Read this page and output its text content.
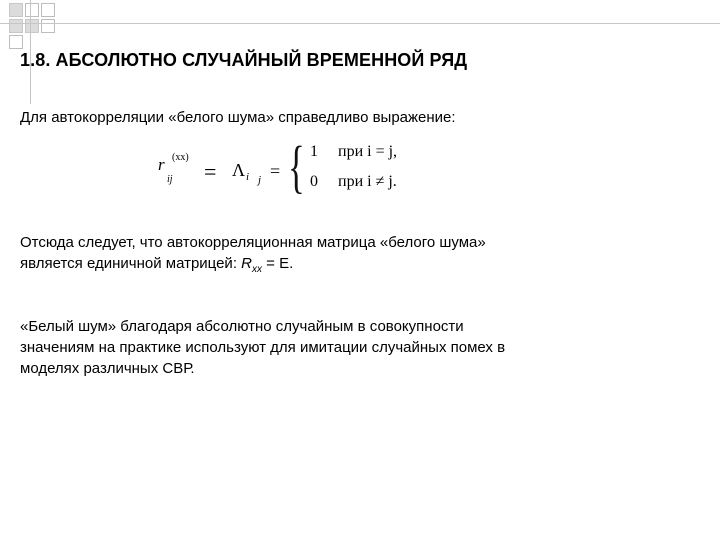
1.8. АБСОЛЮТНО СЛУЧАЙНЫЙ ВРЕМЕННОЙ РЯД
Для автокорреляции «белого шума» справедливо выражение:
r (xx)
ij = Λ i j = { 1 при i = j,
0 при i ≠ j.
Отсюда следует, что автокорреляционная матрица «белого шума»
является единичной матрицей: $R_{xx} = E$.
«Белый шум» благодаря абсолютно случайным в совокупности
значениям на практике используют для имитации случайных помех в
моделях различных СВР.
